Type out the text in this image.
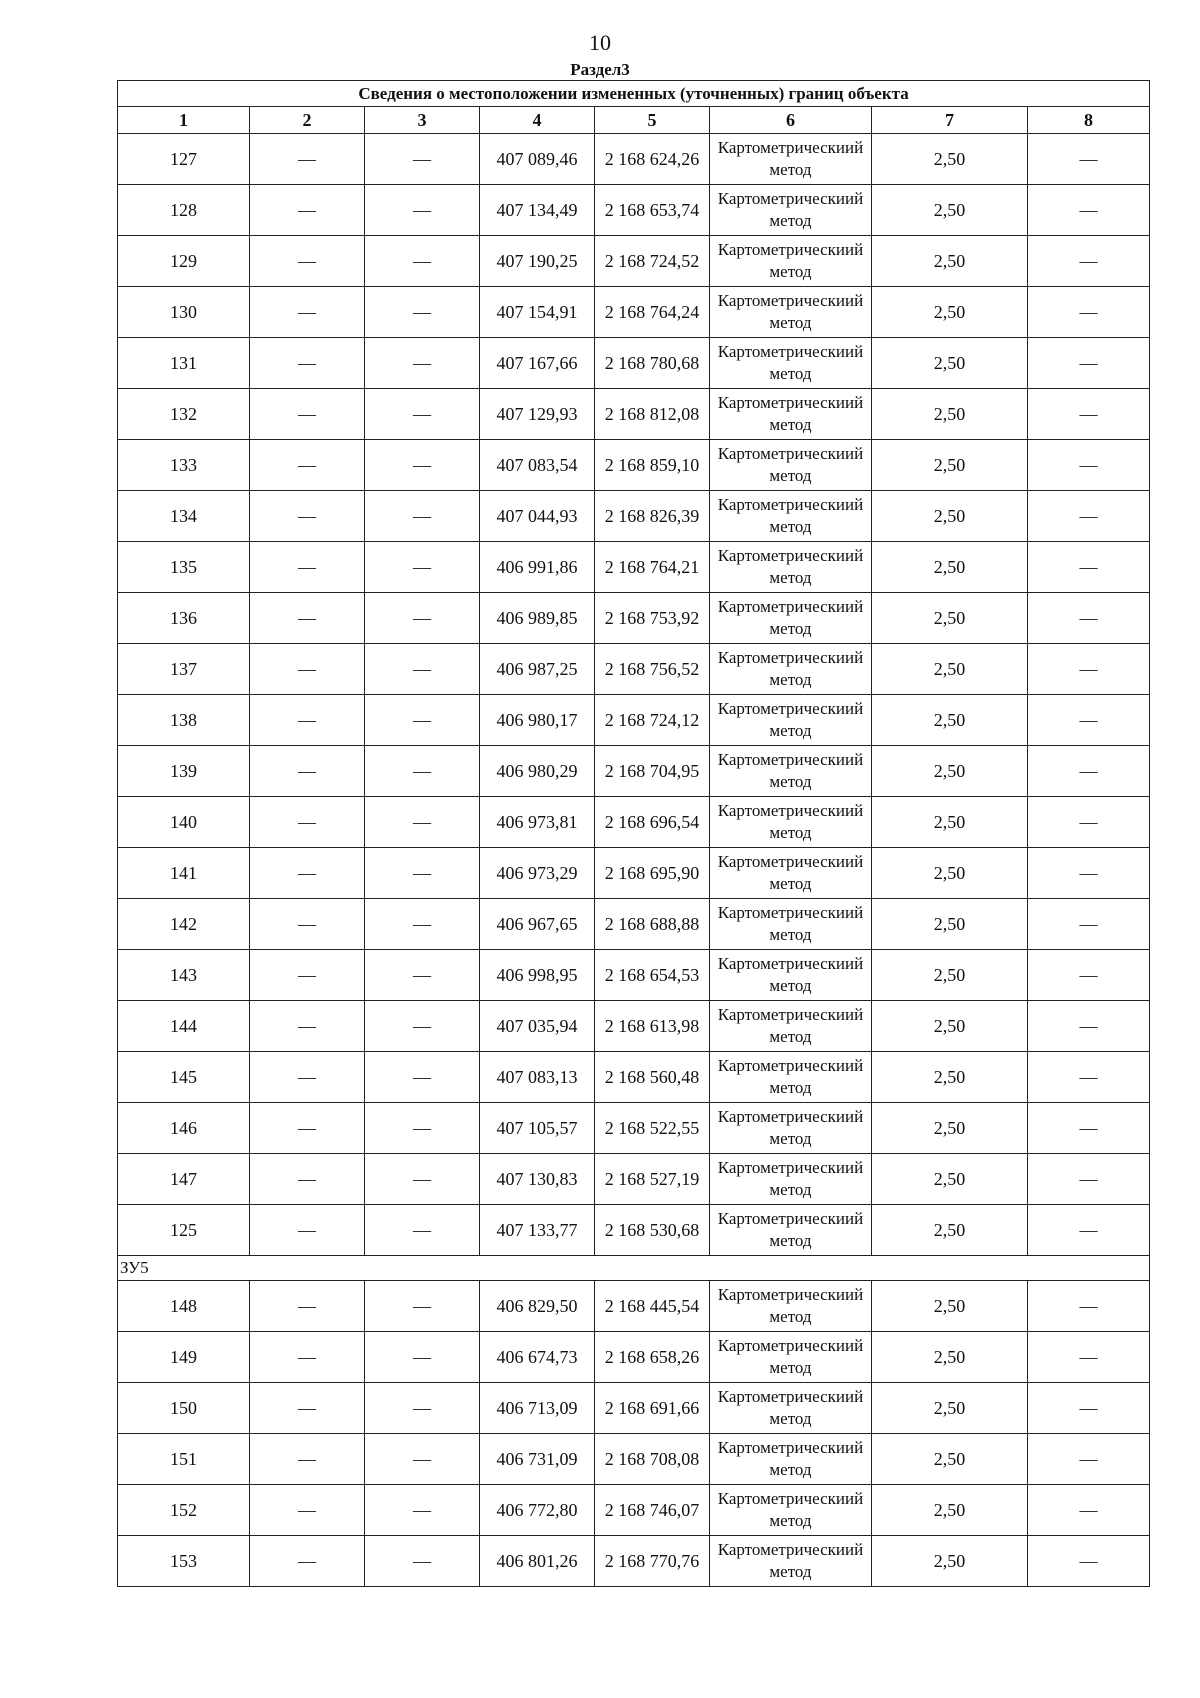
10
Раздел3
Сведения о местоположении измененных (уточненных) границ объекта							
1	2	3	4	5	6	7	8
127	—	—	407 089,46	2 168 624,26	Картометрическиий метод	2,50	—
128	—	—	407 134,49	2 168 653,74	Картометрическиий метод	2,50	—
129	—	—	407 190,25	2 168 724,52	Картометрическиий метод	2,50	—
130	—	—	407 154,91	2 168 764,24	Картометрическиий метод	2,50	—
131	—	—	407 167,66	2 168 780,68	Картометрическиий метод	2,50	—
132	—	—	407 129,93	2 168 812,08	Картометрическиий метод	2,50	—
133	—	—	407 083,54	2 168 859,10	Картометрическиий метод	2,50	—
134	—	—	407 044,93	2 168 826,39	Картометрическиий метод	2,50	—
135	—	—	406 991,86	2 168 764,21	Картометрическиий метод	2,50	—
136	—	—	406 989,85	2 168 753,92	Картометрическиий метод	2,50	—
137	—	—	406 987,25	2 168 756,52	Картометрическиий метод	2,50	—
138	—	—	406 980,17	2 168 724,12	Картометрическиий метод	2,50	—
139	—	—	406 980,29	2 168 704,95	Картометрическиий метод	2,50	—
140	—	—	406 973,81	2 168 696,54	Картометрическиий метод	2,50	—
141	—	—	406 973,29	2 168 695,90	Картометрическиий метод	2,50	—
142	—	—	406 967,65	2 168 688,88	Картометрическиий метод	2,50	—
143	—	—	406 998,95	2 168 654,53	Картометрическиий метод	2,50	—
144	—	—	407 035,94	2 168 613,98	Картометрическиий метод	2,50	—
145	—	—	407 083,13	2 168 560,48	Картометрическиий метод	2,50	—
146	—	—	407 105,57	2 168 522,55	Картометрическиий метод	2,50	—
147	—	—	407 130,83	2 168 527,19	Картометрическиий метод	2,50	—
125	—	—	407 133,77	2 168 530,68	Картометрическиий метод	2,50	—
ЗУ5							
148	—	—	406 829,50	2 168 445,54	Картометрическиий метод	2,50	—
149	—	—	406 674,73	2 168 658,26	Картометрическиий метод	2,50	—
150	—	—	406 713,09	2 168 691,66	Картометрическиий метод	2,50	—
151	—	—	406 731,09	2 168 708,08	Картометрическиий метод	2,50	—
152	—	—	406 772,80	2 168 746,07	Картометрическиий метод	2,50	—
153	—	—	406 801,26	2 168 770,76	Картометрическиий метод	2,50	—
